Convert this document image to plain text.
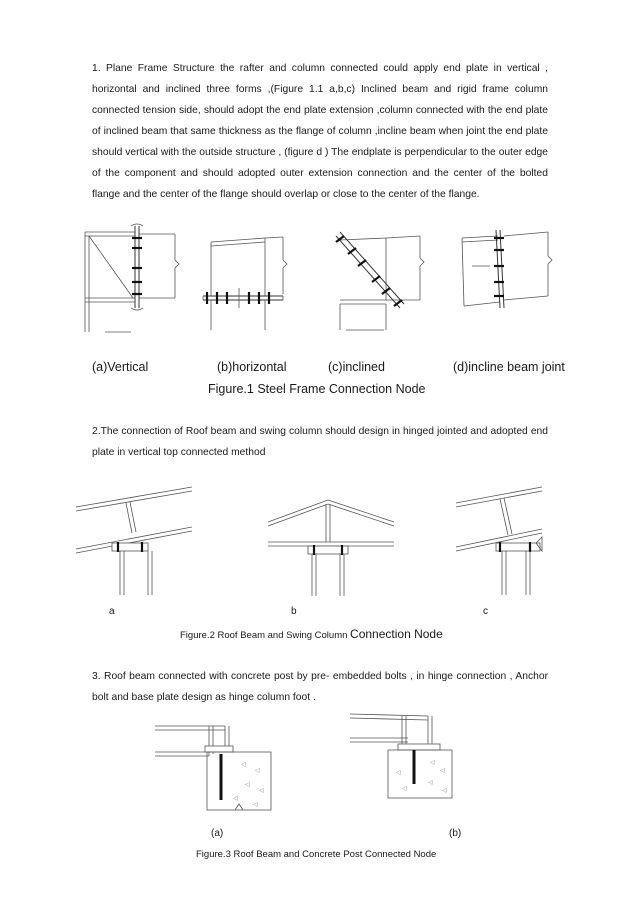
1. Plane Frame Structure the rafter and column connected could apply end plate in vertical , horizontal and inclined three forms ,(Figure 1.1 a,b,c) Inclined beam and rigid frame column connected tension side, should adopt the end plate extension ,column connected with the end plate of inclined beam that same thickness as the flange of column ,incline beam when joint the end plate should vertical with the outside structure , (figure d ) The endplate is perpendicular to the outer edge of the component and should adopted outer extension connection and the center of the bolted flange and the center of the flange should overlap or close to the center of the flange.

(a)Vertical	(b)horizontal	(c)inclined	(d)incline beam joint
Figure.1 Steel Frame Connection Node

2.The connection of Roof beam and swing column should design in hinged jointed and adopted end plate in vertical top connected method

a	b	c
Figure.2 Roof Beam and Swing Column Connection Node

3. Roof beam connected with concrete post by pre- embedded bolts , in hinge connection , Anchor bolt and base plate design as hinge column foot .

◁
◁
◁
◁
◁
◁
◁
◁
◁
◁
◁	◁
(a)	(b)
Figure.3 Roof Beam and Concrete Post Connected Node
